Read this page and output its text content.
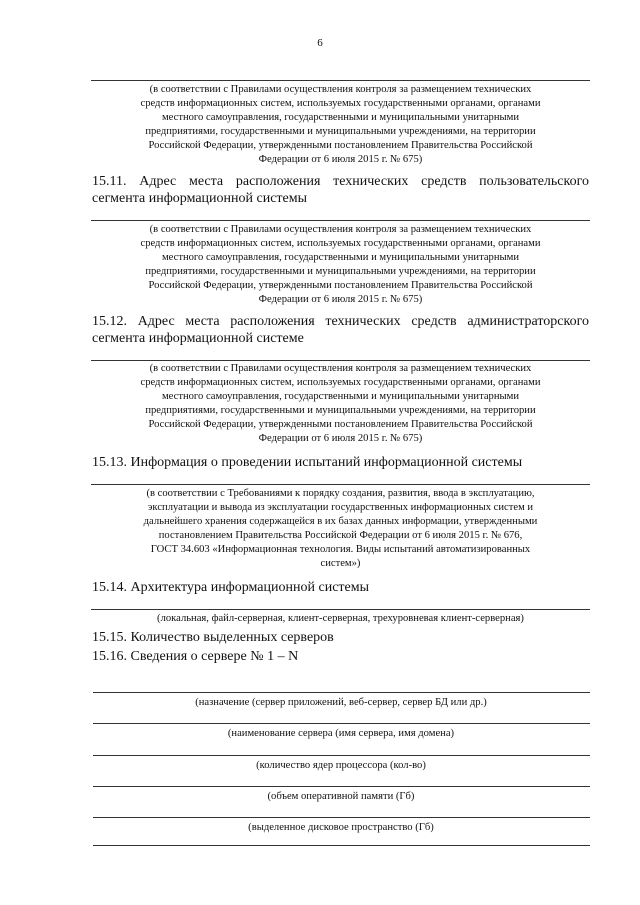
6
(в соответствии с Правилами осуществления контроля за размещением технических
средств информационных систем, используемых государственными органами, органами
местного самоуправления, государственными и муниципальными унитарными
предприятиями, государственными и муниципальными учреждениями, на территории
Российской Федерации, утвержденными постановлением Правительства Российской
Федерации от 6 июля 2015 г. № 675)
15.11. Адрес места расположения технических средств пользовательского сегмента информационной системы
(в соответствии с Правилами осуществления контроля за размещением технических
средств информационных систем, используемых государственными органами, органами
местного самоуправления, государственными и муниципальными унитарными
предприятиями, государственными и муниципальными учреждениями, на территории
Российской Федерации, утвержденными постановлением Правительства Российской
Федерации от 6 июля 2015 г. № 675)
15.12. Адрес места расположения технических средств администраторского сегмента информационной системе
(в соответствии с Правилами осуществления контроля за размещением технических
средств информационных систем, используемых государственными органами, органами
местного самоуправления, государственными и муниципальными унитарными
предприятиями, государственными и муниципальными учреждениями, на территории
Российской Федерации, утвержденными постановлением Правительства Российской
Федерации от 6 июля 2015 г. № 675)
15.13. Информация о проведении испытаний информационной системы
(в соответствии с Требованиями к порядку создания, развития, ввода в эксплуатацию,
эксплуатации и вывода из эксплуатации государственных информационных систем и
дальнейшего хранения содержащейся в их базах данных информации, утвержденными
постановлением Правительства Российской Федерации от 6 июля 2015 г. № 676,
ГОСТ 34.603 «Информационная технология. Виды испытаний автоматизированных
систем»)
15.14. Архитектура информационной системы
(локальная, файл-серверная, клиент-серверная, трехуровневая клиент-серверная)
15.15. Количество выделенных серверов
15.16. Сведения о сервере № 1 – N
(назначение (сервер приложений, веб-сервер, сервер БД или др.)
(наименование сервера (имя сервера, имя домена)
(количество ядер процессора (кол-во)
(объем оперативной памяти (Гб)
(выделенное дисковое пространство (Гб)
